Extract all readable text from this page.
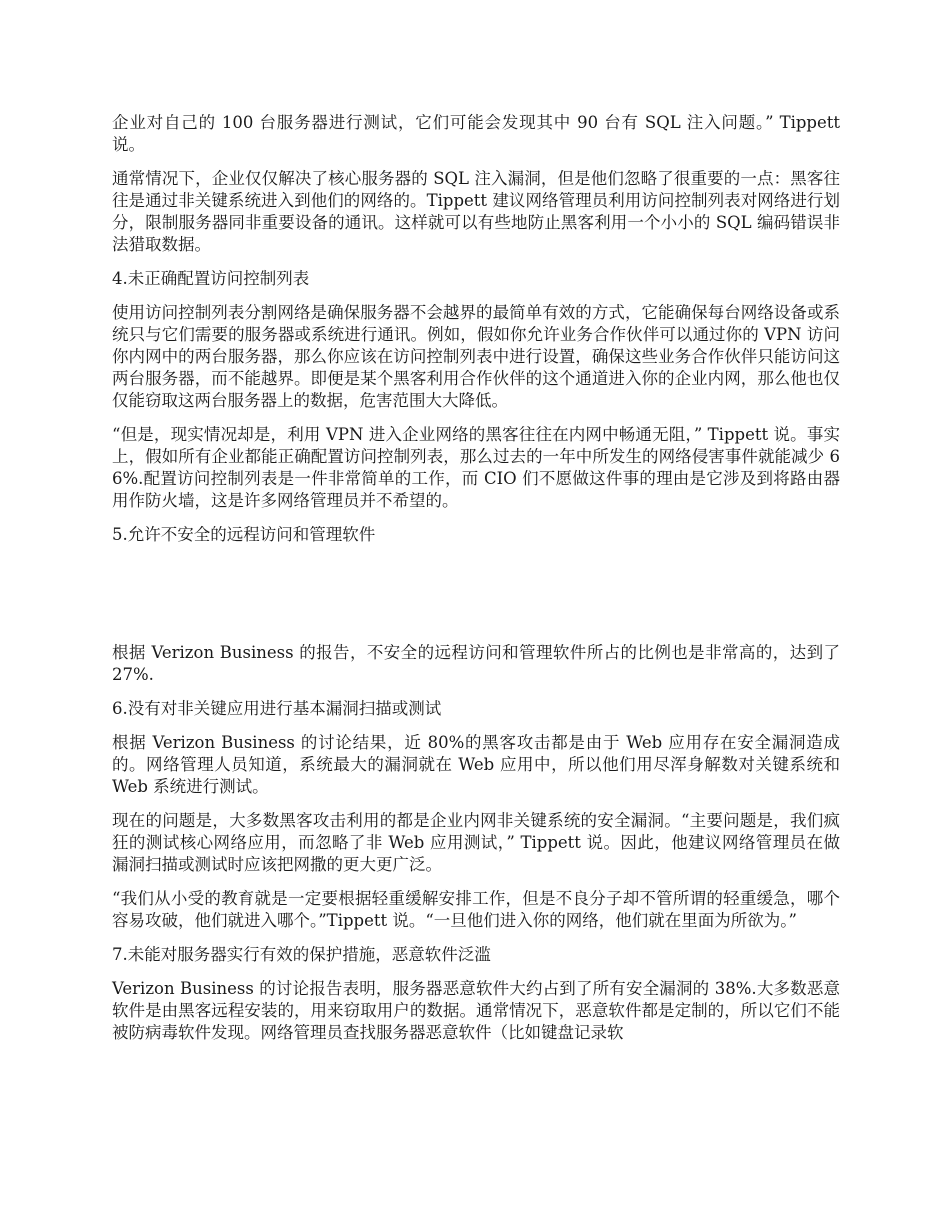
企业对自己的 100 台服务器进行测试，它们可能会发现其中 90 台有 SQL 注入问题。” Tippett 说。

通常情况下，企业仅仅解决了核心服务器的 SQL 注入漏洞，但是他们忽略了很重要的一点：黑客往往是通过非关键系统进入到他们的网络的。Tippett 建议网络管理员利用访问控制列表对网络进行划分，限制服务器同非重要设备的通讯。这样就可以有些地防止黑客利用一个小小的 SQL 编码错误非法猎取数据。

4.未正确配置访问控制列表

使用访问控制列表分割网络是确保服务器不会越界的最简单有效的方式，它能确保每台网络设备或系统只与它们需要的服务器或系统进行通讯。例如，假如你允许业务合作伙伴可以通过你的 VPN 访问你内网中的两台服务器，那么你应该在访问控制列表中进行设置，确保这些业务合作伙伴只能访问这两台服务器，而不能越界。即便是某个黑客利用合作伙伴的这个通道进入你的企业内网，那么他也仅仅能窃取这两台服务器上的数据，危害范围大大降低。

“但是，现实情况却是，利用 VPN 进入企业网络的黑客往往在内网中畅通无阻，” Tippett 说。事实上，假如所有企业都能正确配置访问控制列表，那么过去的一年中所发生的网络侵害事件就能减少 66%.配置访问控制列表是一件非常简单的工作，而 CIO 们不愿做这件事的理由是它涉及到将路由器用作防火墙，这是许多网络管理员并不希望的。

5.允许不安全的远程访问和管理软件

根据 Verizon Business 的报告，不安全的远程访问和管理软件所占的比例也是非常高的，达到了 27%.

6.没有对非关键应用进行基本漏洞扫描或测试

根据 Verizon Business 的讨论结果，近 80%的黑客攻击都是由于 Web 应用存在安全漏洞造成的。网络管理人员知道，系统最大的漏洞就在 Web 应用中，所以他们用尽浑身解数对关键系统和 Web 系统进行测试。

现在的问题是，大多数黑客攻击利用的都是企业内网非关键系统的安全漏洞。“主要问题是，我们疯狂的测试核心网络应用，而忽略了非 Web 应用测试，” Tippett 说。因此，他建议网络管理员在做漏洞扫描或测试时应该把网撒的更大更广泛。

“我们从小受的教育就是一定要根据轻重缓解安排工作，但是不良分子却不管所谓的轻重缓急，哪个容易攻破，他们就进入哪个。”Tippett 说。“一旦他们进入你的网络，他们就在里面为所欲为。”

7.未能对服务器实行有效的保护措施，恶意软件泛滥

Verizon Business 的讨论报告表明，服务器恶意软件大约占到了所有安全漏洞的 38%.大多数恶意软件是由黑客远程安装的，用来窃取用户的数据。通常情况下，恶意软件都是定制的，所以它们不能被防病毒软件发现。网络管理员查找服务器恶意软件（比如键盘记录软
